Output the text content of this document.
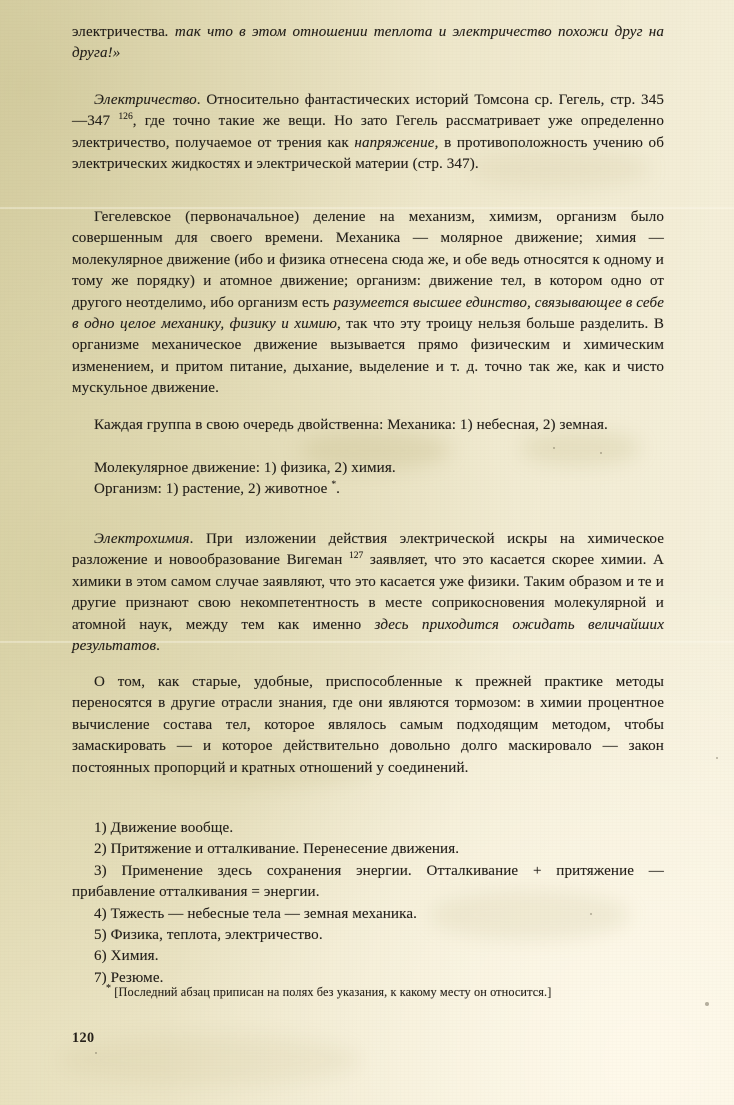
электричества. так что в этом отношении теплота и электричество похожи друг на друга!»

Электричество. Относительно фантастических историй Томсона ср. Гегель, стр. 345—347 $^{126}$, где точно такие же вещи. Но зато Гегель рассматривает уже определенно электричество, получаемое от трения как напряжение, в противоположность учению об электрических жидкостях и электрической материи (стр. 347).

Гегелевское (первоначальное) деление на механизм, химизм, организм было совершенным для своего времени. Механика — молярное движение; химия — молекулярное движение (ибо и физика отнесена сюда же, и обе ведь относятся к одному и тому же порядку) и атомное движение; организм: движение тел, в котором одно от другого неотделимо, ибо организм есть разумеется высшее единство, связывающее в себе в одно целое механику, физику и химию, так что эту троицу нельзя больше разделить. В организме механическое движение вызывается прямо физическим и химическим изменением, и притом питание, дыхание, выделение и т. д. точно так же, как и чисто мускульное движение.

Каждая группа в свою очередь двойственна: Механика: 1) небесная, 2) земная.

Молекулярное движение: 1) физика, 2) химия.

Организм: 1) растение, 2) животное *.

Электрохимия. При изложении действия электрической искры на химическое разложение и новообразование Вигеман $^{127}$ заявляет, что это касается скорее химии. А химики в этом самом случае заявляют, что это касается уже физики. Таким образом и те и другие признают свою некомпетентность в месте соприкосновения молекулярной и атомной наук, между тем как именно здесь приходится ожидать величайших результатов.

О том, как старые, удобные, приспособленные к прежней практике методы переносятся в другие отрасли знания, где они являются тормозом: в химии процентное вычисление состава тел, которое являлось самым подходящим методом, чтобы замаскировать — и которое действительно довольно долго маскировало — закон постоянных пропорций и кратных отношений у соединений.

1) Движение вообще.

2) Притяжение и отталкивание. Перенесение движения.

3) Применение здесь сохранения энергии. Отталкивание + притяжение — прибавление отталкивания = энергии.

4) Тяжесть — небесные тела — земная механика.

5) Физика, теплота, электричество.

6) Химия.

7) Резюме.

* [Последний абзац приписан на полях без указания, к какому месту он относится.]

120
